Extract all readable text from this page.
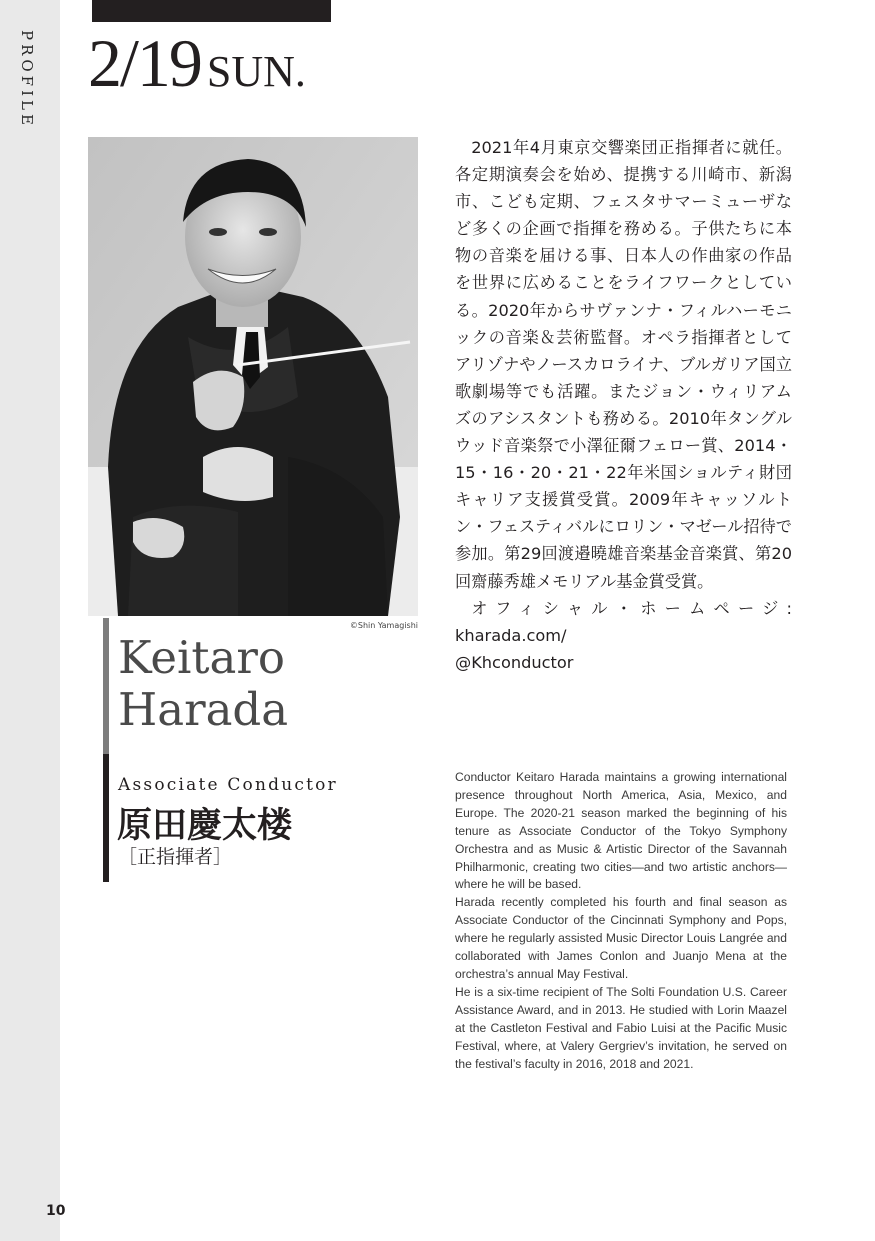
PROFILE
10
2/19 SUN.
©Shin Yamagishi
Keitaro
Harada
Associate Conductor
原田慶太楼
［正指揮者］

2021年4月東京交響楽団正指揮者に就任。各定期演奏会を始め、提携する川崎市、新潟市、こども定期、フェスタサマーミューザなど多くの企画で指揮を務める。子供たちに本物の音楽を届ける事、日本人の作曲家の作品を世界に広めることをライフワークとしている。2020年からサヴァンナ・フィルハーモニックの音楽＆芸術監督。オペラ指揮者としてアリゾナやノースカロライナ、ブルガリア国立歌劇場等でも活躍。またジョン・ウィリアムズのアシスタントも務める。2010年タングルウッド音楽祭で小澤征爾フェロー賞、2014・15・16・20・21・22年米国ショルティ財団キャリア支援賞受賞。2009年キャッソルトン・フェスティバルにロリン・マゼール招待で参加。第29回渡邉曉雄音楽基金音楽賞、第20回齋藤秀雄メモリアル基金賞受賞。

オフィシャル・ホームページ: kharada.com/

@Khconductor

Conductor Keitaro Harada maintains a growing international presence throughout North America, Asia, Mexico, and Europe. The 2020-21 season marked the beginning of his tenure as Associate Conductor of the Tokyo Symphony Orchestra and as Music & Artistic Director of the Savannah Philharmonic, creating two cities—and two artistic anchors—where he will be based.

Harada recently completed his fourth and final season as Associate Conductor of the Cincinnati Symphony and Pops, where he regularly assisted Music Director Louis Langrée and collaborated with James Conlon and Juanjo Mena at the orchestra’s annual May Festival.

He is a six-time recipient of The Solti Foundation U.S. Career Assistance Award, and in 2013. He studied with Lorin Maazel at the Castleton Festival and Fabio Luisi at the Pacific Music Festival, where, at Valery Gergriev’s invitation, he served on the festival’s faculty in 2016, 2018 and 2021.
